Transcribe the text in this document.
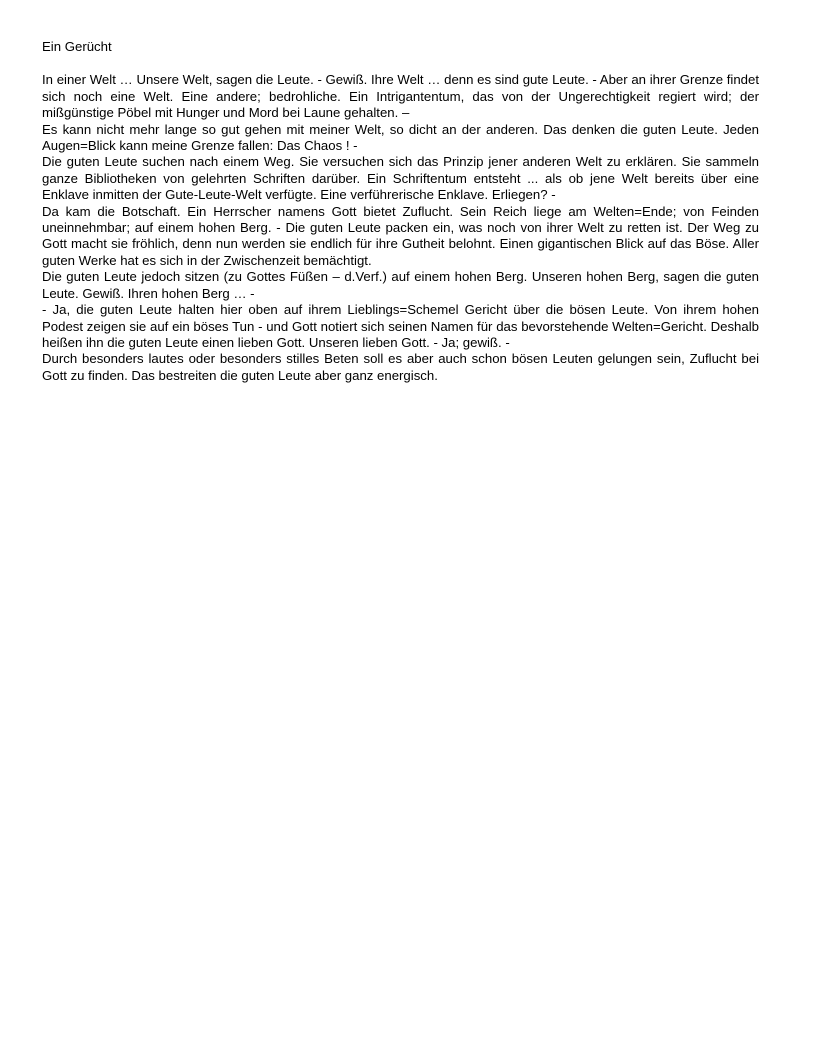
Ein Gerücht

In einer Welt … Unsere Welt, sagen die Leute. - Gewiß. Ihre Welt … denn es sind gute Leute. - Aber an ihrer Grenze findet sich noch eine Welt. Eine andere; bedrohliche. Ein Intrigantentum, das von der Ungerechtigkeit regiert wird; der mißgünstige Pöbel mit Hunger und Mord bei Laune gehalten. –

Es kann nicht mehr lange so gut gehen mit meiner Welt, so dicht an der anderen. Das denken die guten Leute. Jeden Augen=Blick kann meine Grenze fallen: Das Chaos ! -

Die guten Leute suchen nach einem Weg. Sie versuchen sich das Prinzip jener anderen Welt zu erklären. Sie sammeln ganze Bibliotheken von gelehrten Schriften darüber. Ein Schriftentum entsteht ... als ob jene Welt bereits über eine Enklave inmitten der Gute-Leute-Welt verfügte. Eine verführerische Enklave. Erliegen? -

Da kam die Botschaft. Ein Herrscher namens Gott bietet Zuflucht. Sein Reich liege am Welten=Ende; von Feinden uneinnehmbar; auf einem hohen Berg. - Die guten Leute packen ein, was noch von ihrer Welt zu retten ist. Der Weg zu Gott macht sie fröhlich, denn nun werden sie endlich für ihre Gutheit belohnt. Einen gigantischen Blick auf das Böse. Aller guten Werke hat es sich in der Zwischenzeit bemächtigt.

Die guten Leute jedoch sitzen (zu Gottes Füßen – d.Verf.) auf einem hohen Berg. Unseren hohen Berg, sagen die guten Leute. Gewiß. Ihren hohen Berg … -

- Ja, die guten Leute halten hier oben auf ihrem Lieblings=Schemel Gericht über die bösen Leute. Von ihrem hohen Podest zeigen sie auf ein böses Tun - und Gott notiert sich seinen Namen für das bevorstehende Welten=Gericht. Deshalb heißen ihn die guten Leute einen lieben Gott. Unseren lieben Gott. - Ja; gewiß. -

Durch besonders lautes oder besonders stilles Beten soll es aber auch schon bösen Leuten gelungen sein, Zuflucht bei Gott zu finden. Das bestreiten die guten Leute aber ganz energisch.
